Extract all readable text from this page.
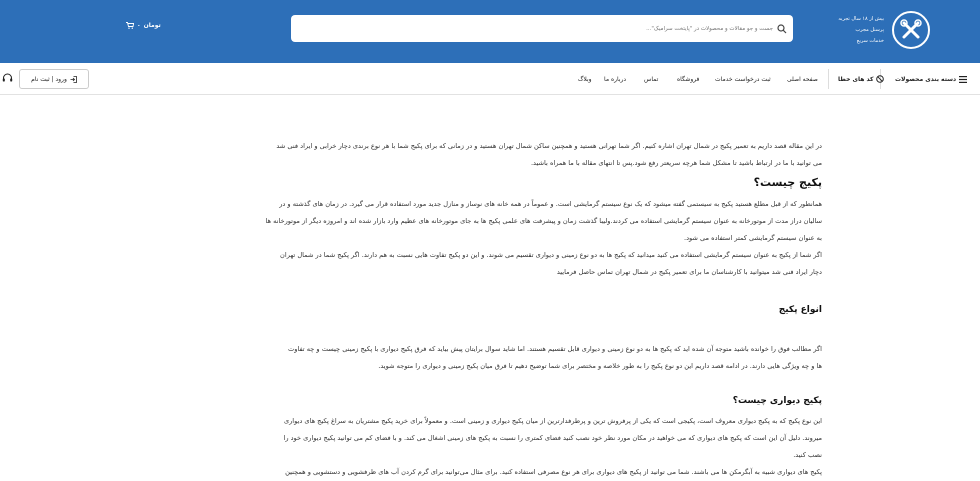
بیش از ۱۸ سال تجربه
پرسنل مجرب
خدمات سریع
جست و جو مقالات و محصولات در "پایتخت سرامیک"...
تومان
۰
دسته بندی محصولات
کد های خطا
صفحه اصلی
ثبت درخواست خدمات
فروشگاه
تماس
درباره ما
وبلاگ
ورود | ثبت نام

در این مقاله قصد داریم به تعمیر پکیج در شمال تهران اشاره کنیم. اگر شما تهرانی هستید و همچنین ساکن شمال تهران هستید و در زمانی که برای پکیج شما با هر نوع برندی دچار خرابی و ایراد فنی شد

می توانید با ما در ارتباط باشید تا مشکل شما هرچه سریعتر رفع شود.پس تا انتهای مقاله با ما همراه باشید.

پکیج چیست؟

همانطور که از قبل مطلع هستید پکیج به سیستمی گفته میشود که یک نوع سیستم گرمایشی است. و عموماً در همه خانه های نوساز و منازل جدید مورد استفاده قرار می گیرد. در زمان های گذشته و در

سالیان دراز مدت از موتورخانه به عنوان سیستم گرمایشی استفاده می کردند.ولیبا گذشت زمان و پیشرفت های علمی پکیج ها به جای موتورخانه های عظیم وارد بازار شده اند و امروزه دیگر از موتورخانه ها

به عنوان سیستم گرمایشی کمتر استفاده می شود.

اگر شما از پکیج به عنوان سیستم گرمایشی استفاده می کنید میدانید که پکیج ها به دو نوع زمینی و دیواری تقسیم می شوند. و این دو پکیج تفاوت هایی نسبت به هم دارند. اگر پکیج شما در شمال تهران

دچار ایراد فنی شد میتوانید با کارشناسان ما برای تعمیر پکیج در شمال تهران تماس حاصل فرمایید

انواع پکیج

اگر مطالب فوق را خوانده باشید متوجه آن شده اید که پکیج ها به دو نوع زمینی و دیواری قابل تقسیم هستند. اما شاید سوال برایتان پیش بیاید که فرق پکیج دیواری با پکیج زمینی چیست و چه تفاوت

ها و چه ویژگی هایی دارند. در ادامه قصد داریم این دو نوع پکیج را به طور خلاصه و مختصر برای شما توضیح دهیم تا فرق میان پکیج زمینی و دیواری را متوجه شوید.

پکیج دیواری چیست؟

این نوع پکیج که به پکیج دیواری معروف است، پکیجی است که یکی از پرفروش ترین و پرطرفدارترین از میان پکیج دیواری و زمینی است. و معمولاً برای خرید پکیج مشتریان به سراغ پکیج های دیواری

میروند. دلیل آن این است که پکیج های دیواری که می خواهید در مکان مورد نظر خود نصب کنید فضای کمتری را نسبت به پکیج های زمینی اشغال می کند. و با فضای کم می توانید پکیج دیواری خود را

نصب کنید.

پکیج های دیواری شبیه به آبگرمکن ها می باشند. شما می توانید از پکیج های دیواری برای هر نوع مصرفی استفاده کنید. برای مثال می‌توانید برای گرم کردن آب های ظرفشویی و دستشویی و همچنین
